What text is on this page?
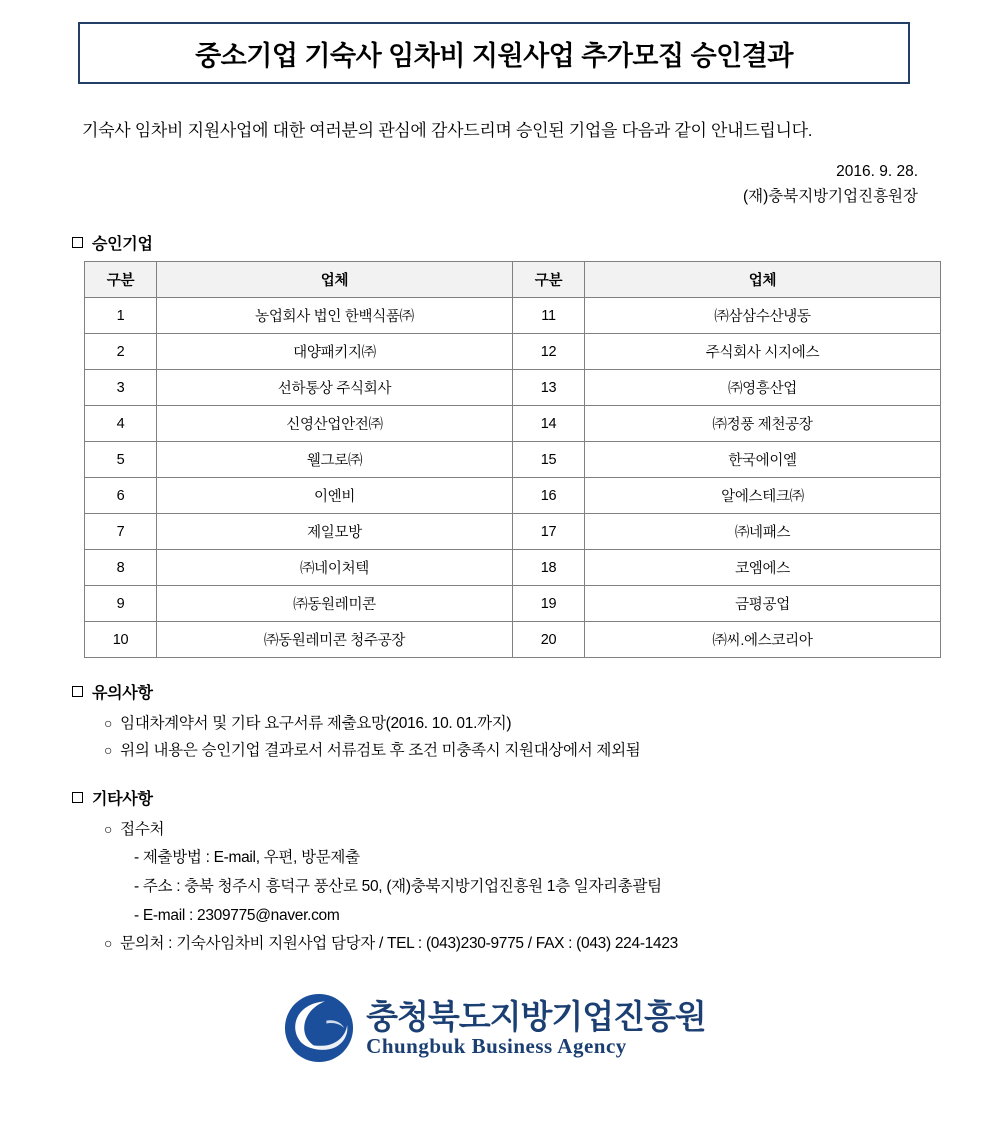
중소기업 기숙사 임차비 지원사업 추가모집 승인결과
기숙사 임차비 지원사업에 대한 여러분의 관심에 감사드리며 승인된 기업을 다음과 같이 안내드립니다.
2016. 9. 28.
(재)충북지방기업진흥원장
승인기업
구분	업체	구분	업체
1	농업회사 법인 한백식품㈜	11	㈜삼삼수산냉동
2	대양패키지㈜	12	주식회사 시지에스
3	선하통상 주식회사	13	㈜영흥산업
4	신영산업안전㈜	14	㈜정풍 제천공장
5	웰그로㈜	15	한국에이엘
6	이엔비	16	알에스테크㈜
7	제일모방	17	㈜네패스
8	㈜네이처텍	18	코엠에스
9	㈜동원레미콘	19	금평공업
10	㈜동원레미콘 청주공장	20	㈜씨.에스코리아
유의사항
○ 임대차계약서 및 기타 요구서류 제출요망(2016. 10. 01.까지)
○ 위의 내용은 승인기업 결과로서 서류검토 후 조건 미충족시 지원대상에서 제외됨
기타사항
○ 접수처
- 제출방법 : E-mail, 우편, 방문제출
- 주소 : 충북 청주시 흥덕구 풍산로 50, (재)충북지방기업진흥원 1층 일자리총괄팀
- E-mail : 2309775@naver.com
○ 문의처 : 기숙사임차비 지원사업 담당자 / TEL : (043)230-9775 / FAX : (043) 224-1423
충청북도지방기업진흥원
Chungbuk Business Agency
